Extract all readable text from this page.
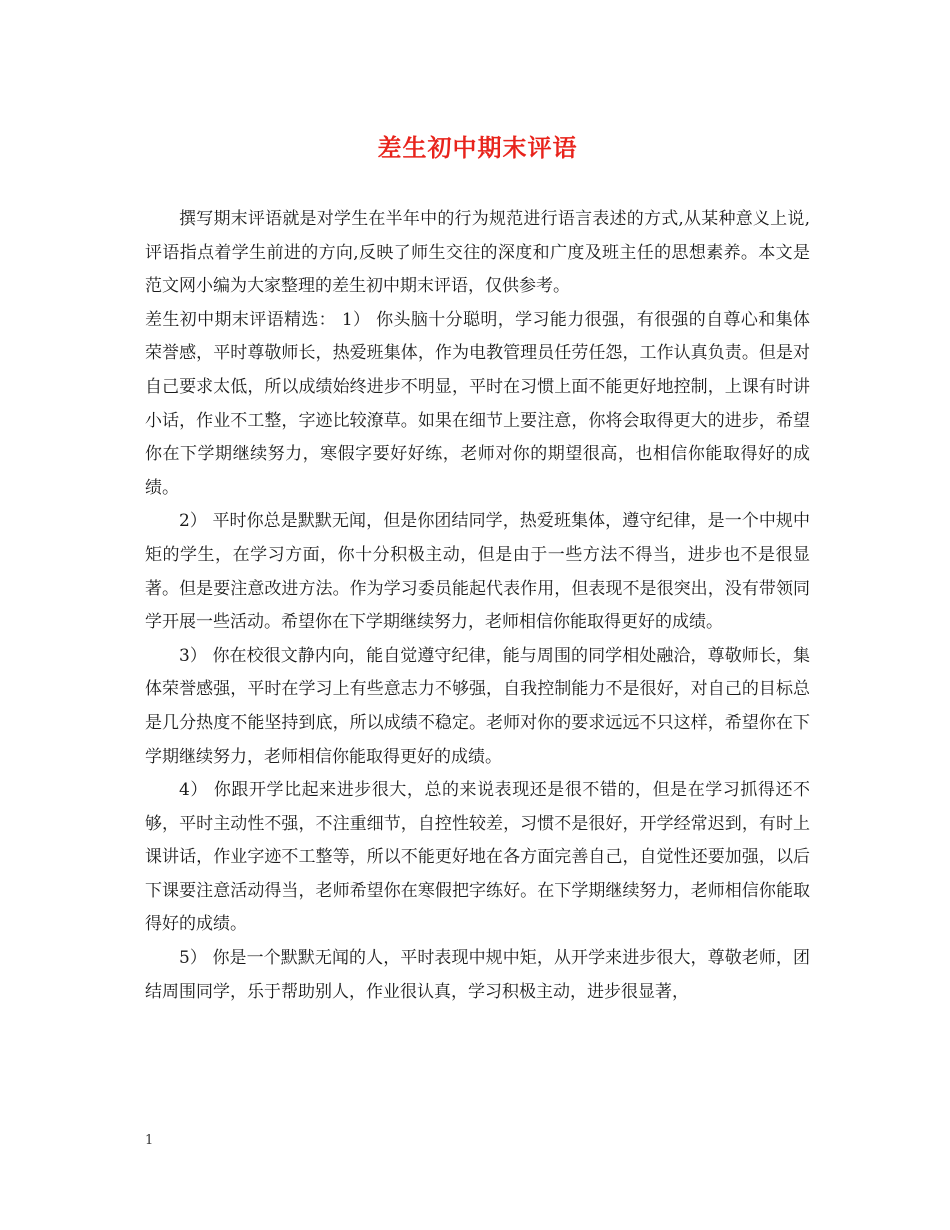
差生初中期末评语

撰写期末评语就是对学生在半年中的行为规范进行语言表述的方式,从某种意义上说,评语指点着学生前进的方向,反映了师生交往的深度和广度及班主任的思想素养。本文是范文网小编为大家整理的差生初中期末评语，仅供参考。

差生初中期末评语精选： 1） 你头脑十分聪明，学习能力很强，有很强的自尊心和集体荣誉感，平时尊敬师长，热爱班集体，作为电教管理员任劳任怨，工作认真负责。但是对自己要求太低，所以成绩始终进步不明显，平时在习惯上面不能更好地控制，上课有时讲小话，作业不工整，字迹比较潦草。如果在细节上要注意，你将会取得更大的进步，希望你在下学期继续努力，寒假字要好好练，老师对你的期望很高，也相信你能取得好的成绩。

2） 平时你总是默默无闻，但是你团结同学，热爱班集体，遵守纪律，是一个中规中矩的学生，在学习方面，你十分积极主动，但是由于一些方法不得当，进步也不是很显著。但是要注意改进方法。作为学习委员能起代表作用，但表现不是很突出，没有带领同学开展一些活动。希望你在下学期继续努力，老师相信你能取得更好的成绩。

3） 你在校很文静内向，能自觉遵守纪律，能与周围的同学相处融洽，尊敬师长，集体荣誉感强，平时在学习上有些意志力不够强，自我控制能力不是很好，对自己的目标总是几分热度不能坚持到底，所以成绩不稳定。老师对你的要求远远不只这样，希望你在下学期继续努力，老师相信你能取得更好的成绩。

4） 你跟开学比起来进步很大，总的来说表现还是很不错的，但是在学习抓得还不够，平时主动性不强，不注重细节，自控性较差，习惯不是很好，开学经常迟到，有时上课讲话，作业字迹不工整等，所以不能更好地在各方面完善自己，自觉性还要加强，以后下课要注意活动得当，老师希望你在寒假把字练好。在下学期继续努力，老师相信你能取得好的成绩。

5） 你是一个默默无闻的人，平时表现中规中矩，从开学来进步很大，尊敬老师，团结周围同学，乐于帮助别人，作业很认真，学习积极主动，进步很显著，

1
